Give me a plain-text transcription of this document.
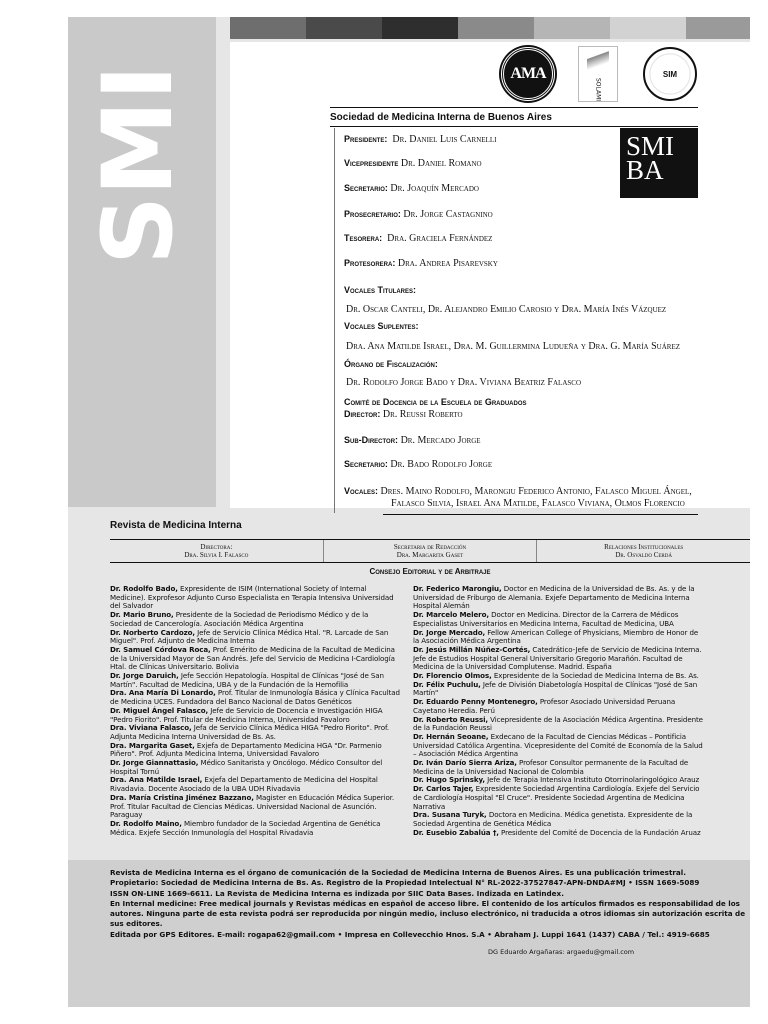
SMI	AMA
SOLAMI
SIM
Sociedad de Medicina Interna de Buenos Aires
SMI
BA
Presidente: Dr. Daniel Luis Carnelli
Vicepresidente Dr. Daniel Romano
Secretario: Dr. Joaquín Mercado
Prosecretario: Dr. Jorge Castagnino
Tesorera: Dra. Graciela Fernández
Protesorera: Dra. Andrea Pisarevsky
Vocales Titulares:
Dr. Oscar Canteli, Dr. Alejandro Emilio Carosio y Dra. María Inés Vázquez
Vocales Suplentes:
Dra. Ana Matilde Israel, Dra. M. Guillermina Ludueña y Dra. G. María Suárez
Órgano de Fiscalización:
Dr. Rodolfo Jorge Bado y Dra. Viviana Beatriz Falasco
Comité de Docencia de la Escuela de Graduados
Director: Dr. Reussi Roberto
Sub-Director: Dr. Mercado Jorge
Secretario: Dr. Bado Rodolfo Jorge
Vocales: Dres. Maino Rodolfo, Marongiu Federico Antonio, Falasco Miguel Ángel,
Falasco Silvia, Israel Ana Matilde, Falasco Viviana, Olmos Florencio
Revista de Medicina Interna
Directora:
Dra. Silvia I. Falasco
Secretaria de Redacción
Dra. Margarita Gaset
Relaciones Institucionales
Dr. Osvaldo Cerdá
Consejo Editorial y de Arbitraje

Dr. Rodolfo Bado, Expresidente de ISIM (International Society of Internal Medicine). Exprofesor Adjunto Curso Especialista en Terapia Intensiva Universidad del Salvador

Dr. Mario Bruno, Presidente de la Sociedad de Periodismo Médico y de la Sociedad de Cancerología. Asociación Médica Argentina

Dr. Norberto Cardozo, Jefe de Servicio Clínica Médica Htal. "R. Larcade de San Miguel". Prof. Adjunto de Medicina Interna

Dr. Samuel Córdova Roca, Prof. Emérito de Medicina de la Facultad de Medicina de la Universidad Mayor de San Andrés. Jefe del Servicio de Medicina I-Cardiología Htal. de Clínicas Universitario. Bolivia

Dr. Jorge Daruich, Jefe Sección Hepatología. Hospital de Clínicas "José de San Martín". Facultad de Medicina, UBA y de la Fundación de la Hemofilia

Dra. Ana María Di Lonardo, Prof. Titular de Inmunología Básica y Clínica Facultad de Medicina UCES. Fundadora del Banco Nacional de Datos Genéticos

Dr. Miguel Ángel Falasco, Jefe de Servicio de Docencia e Investigación HIGA "Pedro Fiorito". Prof. Titular de Medicina Interna, Universidad Favaloro

Dra. Viviana Falasco, Jefa de Servicio Clínica Médica HIGA "Pedro Fiorito". Prof. Adjunta Medicina Interna Universidad de Bs. As.

Dra. Margarita Gaset, Exjefa de Departamento Medicina HGA "Dr. Parmenio Piñero". Prof. Adjunta Medicina Interna, Universidad Favaloro

Dr. Jorge Giannattasio, Médico Sanitarista y Oncólogo. Médico Consultor del Hospital Tornú

Dra. Ana Matilde Israel, Exjefa del Departamento de Medicina del Hospital Rivadavia. Docente Asociado de la UBA UDH Rivadavia

Dra. María Cristina Jiménez Bazzano, Magister en Educación Médica Superior. Prof. Titular Facultad de Ciencias Médicas. Universidad Nacional de Asunción. Paraguay

Dr. Rodolfo Maino, Miembro fundador de la Sociedad Argentina de Genética Médica. Exjefe Sección Inmunología del Hospital Rivadavia

Dr. Federico Marongiu, Doctor en Medicina de la Universidad de Bs. As. y de la Universidad de Friburgo de Alemania. Exjefe Departamento de Medicina Interna Hospital Alemán

Dr. Marcelo Melero, Doctor en Medicina. Director de la Carrera de Médicos Especialistas Universitarios en Medicina Interna, Facultad de Medicina, UBA

Dr. Jorge Mercado, Fellow American College of Physicians, Miembro de Honor de la Asociación Médica Argentina

Dr. Jesús Millán Núñez-Cortés, Catedrático-Jefe de Servicio de Medicina Interna. Jefe de Estudios Hospital General Universitario Gregorio Marañón. Facultad de Medicina de la Universidad Complutense. Madrid. España

Dr. Florencio Olmos, Expresidente de la Sociedad de Medicina Interna de Bs. As.

Dr. Félix Puchulu, Jefe de División Diabetología Hospital de Clínicas "José de San Martín"

Dr. Eduardo Penny Montenegro, Profesor Asociado Universidad Peruana Cayetano Heredia. Perú

Dr. Roberto Reussi, Vicepresidente de la Asociación Médica Argentina. Presidente de la Fundación Reussi

Dr. Hernán Seoane, Exdecano de la Facultad de Ciencias Médicas – Pontificia Universidad Católica Argentina. Vicepresidente del Comité de Economía de la Salud – Asociación Médica Argentina

Dr. Iván Darío Sierra Ariza, Profesor Consultor permanente de la Facultad de Medicina de la Universidad Nacional de Colombia

Dr. Hugo Sprinsky, Jefe de Terapia Intensiva Instituto Otorrinolaringológico Arauz

Dr. Carlos Tajer, Expresidente Sociedad Argentina Cardiología. Exjefe del Servicio de Cardiología Hospital "El Cruce". Presidente Sociedad Argentina de Medicina Narrativa

Dra. Susana Turyk, Doctora en Medicina. Médica genetista. Expresidente de la Sociedad Argentina de Genética Médica

Dr. Eusebio Zabalúa †, Presidente del Comité de Docencia de la Fundación Aruaz

Revista de Medicina Interna es el órgano de comunicación de la Sociedad de Medicina Interna de Buenos Aires. Es una publicación trimestral.
Propietario: Sociedad de Medicina Interna de Bs. As. Registro de la Propiedad Intelectual N° RL-2022-37527847-APN-DNDA#MJ • ISSN 1669-5089
ISSN ON-LINE 1669-6611. La Revista de Medicina Interna es indizada por SIIC Data Bases. Indizada en Latindex.
En Internal medicine: Free medical journals y Revistas médicas en español de acceso libre. El contenido de los artículos firmados es responsabilidad de los autores. Ninguna parte de esta revista podrá ser reproducida por ningún medio, incluso electrónico, ni traducida a otros idiomas sin autorización escrita de sus editores.
Editada por GPS Editores. E-mail: rogapa62@gmail.com • Impresa en Collevecchio Hnos. S.A • Abraham J. Luppi 1641 (1437) CABA / Tel.: 4919-6685
DG Eduardo Argañaras: argaedu@gmail.com
